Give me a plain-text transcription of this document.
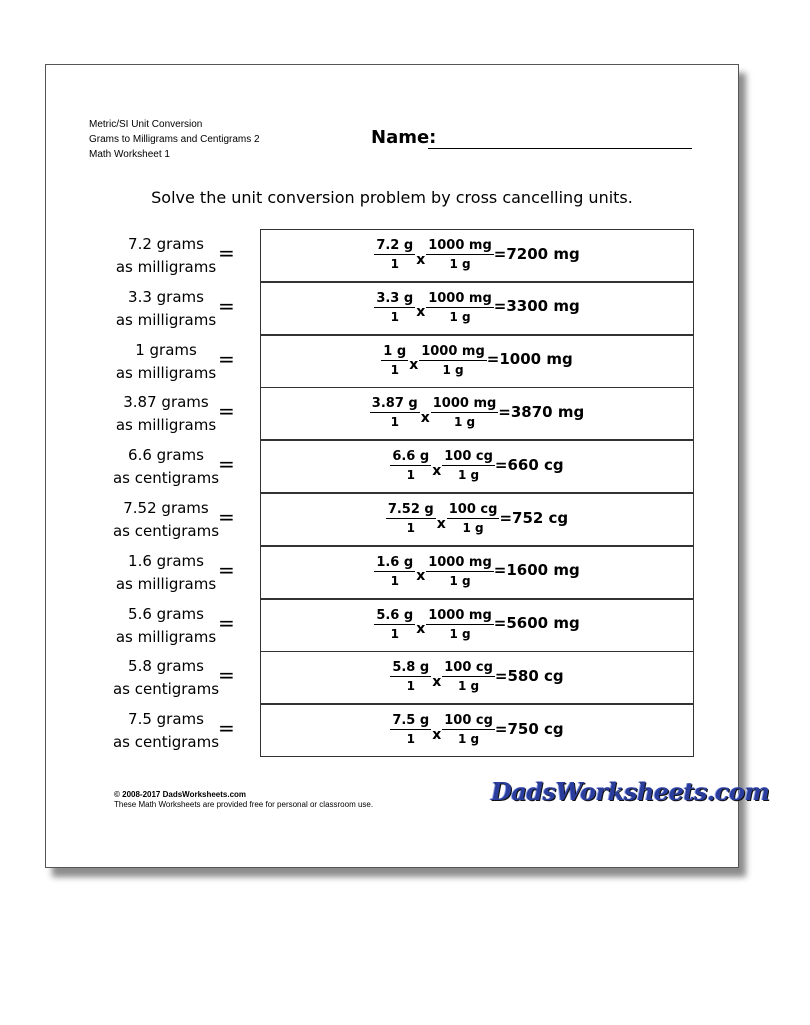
Metric/SI Unit Conversion
Grams to Milligrams and Centigrams 2
Math Worksheet 1
Name:
Solve the unit conversion problem by cross cancelling units.
7.2 grams
as milligrams
=	$\frac{7.2 g}{1}$ x $\frac{1000 mg}{1 g} =7200$ mg
3.3 grams
as milligrams
=	$\frac{3.3 g}{1}$ x $\frac{1000 mg}{1 g} =3300$ mg
1 grams
as milligrams
=	$\frac{1 g}{1}$ x $\frac{1000 mg}{1 g} =1000$ mg
3.87 grams
as milligrams
=	$\frac{3.87 g}{1}$ x $\frac{1000 mg}{1 g} =3870$ mg
6.6 grams
as centigrams
=	$\frac{6.6 g}{1}$ x $\frac{100 cg}{1 g} =660$ cg
7.52 grams
as centigrams
=	$\frac{7.52 g}{1}$ x $\frac{100 cg}{1 g} =752$ cg
1.6 grams
as milligrams
=	$\frac{1.6 g}{1}$ x $\frac{1000 mg}{1 g} =1600$ mg
5.6 grams
as milligrams
=	$\frac{5.6 g}{1}$ x $\frac{1000 mg}{1 g} =5600$ mg
5.8 grams
as centigrams
=	$\frac{5.8 g}{1}$ x $\frac{100 cg}{1 g} =580$ cg
7.5 grams
as centigrams
=	$\frac{7.5 g}{1}$ x $\frac{100 cg}{1 g} =750$ cg
© 2008-2017 DadsWorksheets.com
These Math Worksheets are provided free for personal or classroom use.	DadsWorksheets.com
